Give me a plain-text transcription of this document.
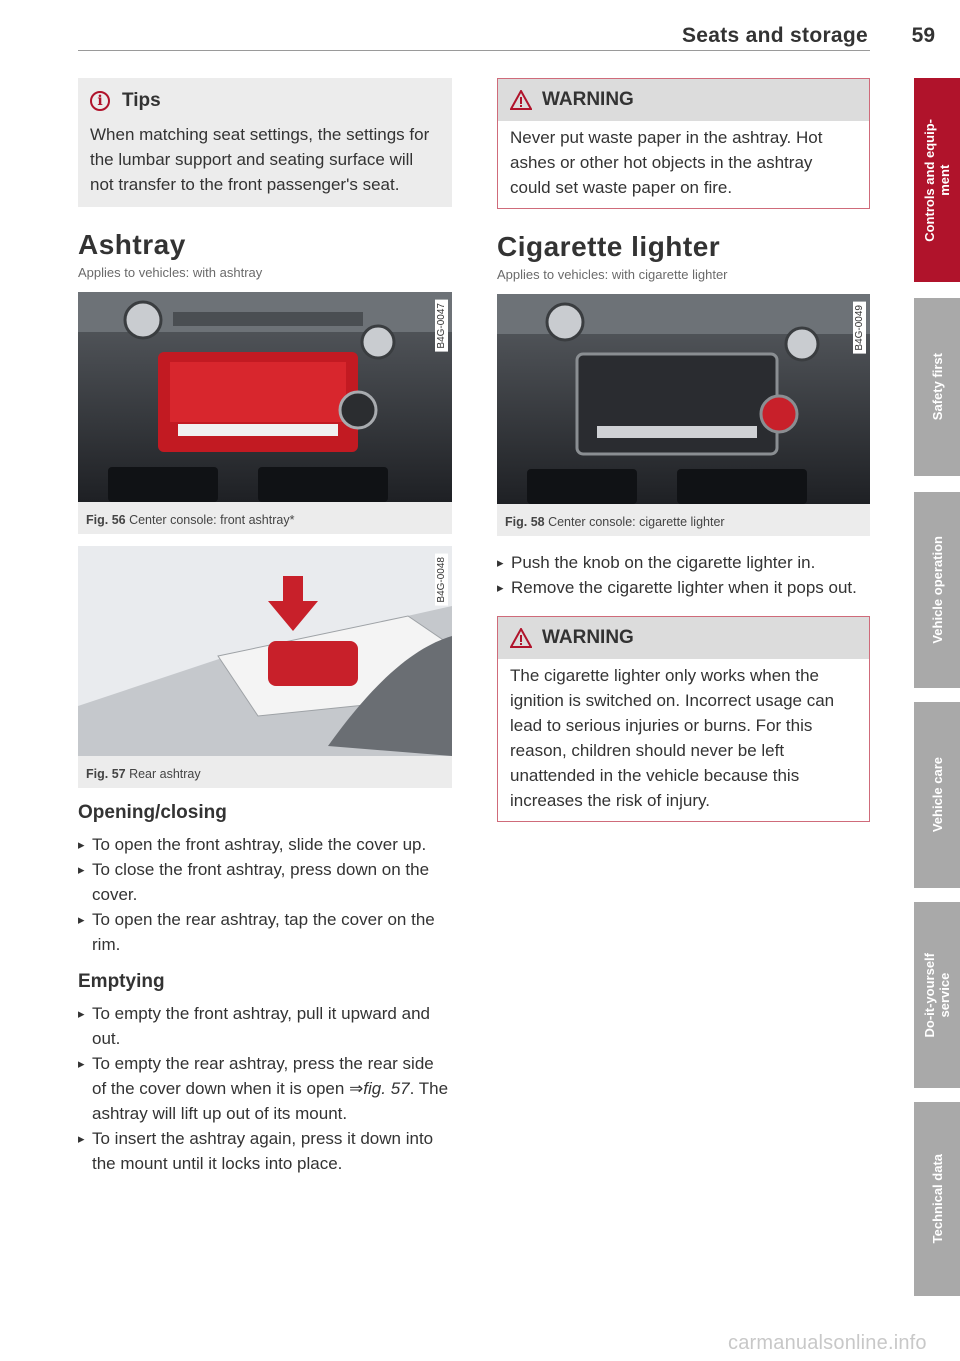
Seats and storage 59
i	Tips
When matching seat settings, the settings for the lumbar support and seating surface will not transfer to the front passenger's seat.
Ashtray
Applies to vehicles: with ashtray
B4G-0047
Fig. 56 Center console: front ashtray*
B4G-0048
Fig. 57 Rear ashtray
Opening/closing
▸ To open the front ashtray, slide the cover up.
▸ To close the front ashtray, press down on the cover.
▸ To open the rear ashtray, tap the cover on the rim.
Emptying
▸ To empty the front ashtray, pull it upward and out.
▸ To empty the rear ashtray, press the rear side of the cover down when it is open ⇒fig. 57. The ashtray will lift up out of its mount.
▸ To insert the ashtray again, press it down into the mount until it locks into place.
WARNING
Never put waste paper in the ashtray. Hot ashes or other hot objects in the ashtray could set waste paper on fire.
Cigarette lighter
Applies to vehicles: with cigarette lighter
B4G-0049
Fig. 58 Center console: cigarette lighter
▸ Push the knob on the cigarette lighter in.
▸ Remove the cigarette lighter when it pops out.
WARNING
The cigarette lighter only works when the ignition is switched on. Incorrect usage can lead to serious injuries or burns. For this reason, children should never be left unattended in the vehicle because this increases the risk of injury.
Controls and equip-
ment
Safety first
Vehicle operation
Vehicle care
Do-it-yourself
service
Technical data
carmanualsonline.info
